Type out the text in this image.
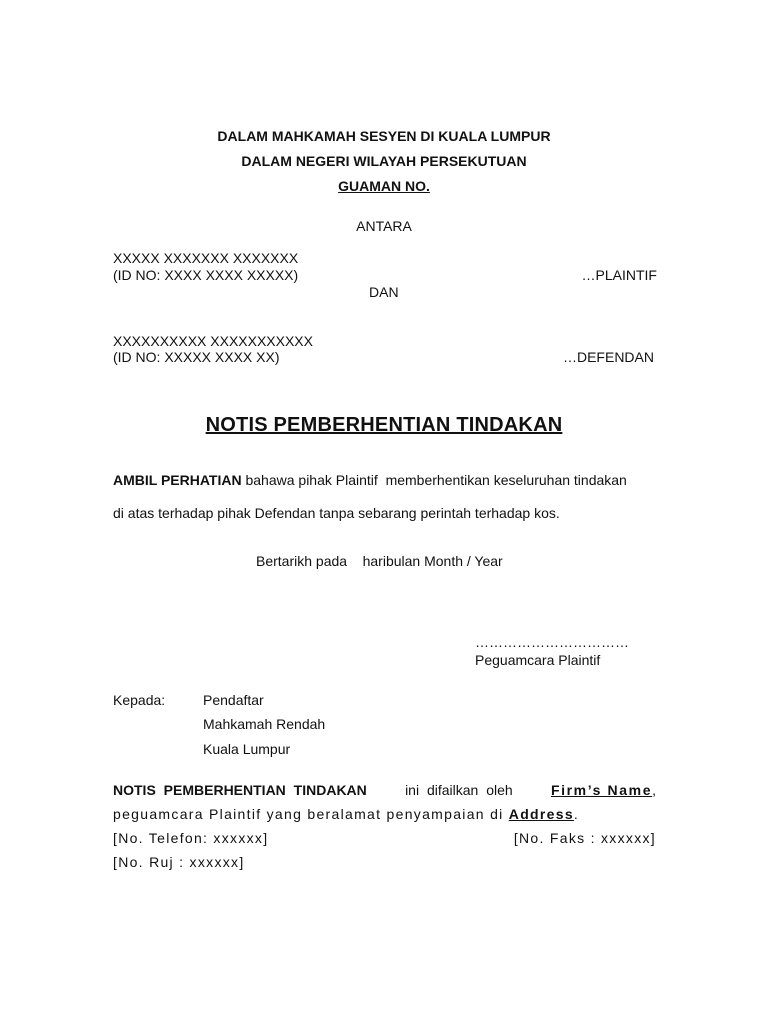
DALAM MAHKAMAH SESYEN DI KUALA LUMPUR
DALAM NEGERI WILAYAH PERSEKUTUAN
GUAMAN NO.
ANTARA
XXXXX XXXXXXX XXXXXXX
(ID NO: XXXX XXXX XXXXX)	…PLAINTIF
DAN
XXXXXXXXXX XXXXXXXXXXX
(ID NO: XXXXX XXXX XX)	…DEFENDAN
NOTIS PEMBERHENTIAN TINDAKAN
AMBIL PERHATIAN bahawa pihak Plaintif  memberhentikan keseluruhan tindakan
di atas terhadap pihak Defendan tanpa sebarang perintah terhadap kos.
Bertarikh pada    haribulan Month / Year
……………………………
Peguamcara Plaintif
Kepada:	Pendaftar
Mahkamah Rendah
Kuala Lumpur
NOTIS PEMBERHENTIAN TINDAKAN	ini difailkan oleh	Firm’s Name,
peguamcara Plaintif yang beralamat penyampaian di Address.
[No. Telefon: xxxxxx]	[No. Faks : xxxxxx]
[No. Ruj : xxxxxx]
